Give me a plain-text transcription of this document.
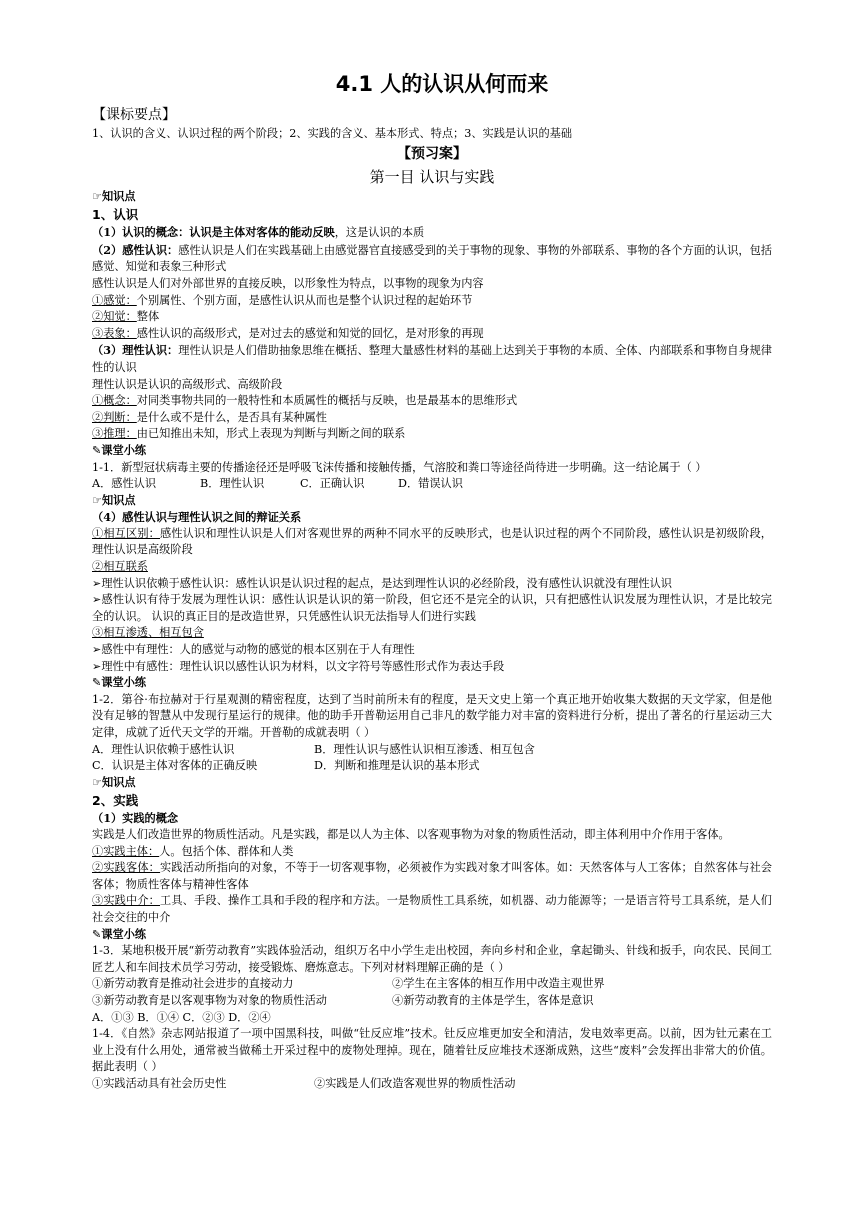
4.1 人的认识从何而来
【课标要点】
1、认识的含义、认识过程的两个阶段；2、实践的含义、基本形式、特点；3、实践是认识的基础
【预习案】
第一目 认识与实践
☞知识点
1、认识
（1）认识的概念：认识是主体对客体的能动反映，这是认识的本质
（2）感性认识：感性认识是人们在实践基础上由感觉器官直接感受到的关于事物的现象、事物的外部联系、事物的各个方面的认识，包括感觉、知觉和表象三种形式
感性认识是人们对外部世界的直接反映，以形象性为特点，以事物的现象为内容
①感觉：个别属性、个别方面，是感性认识从而也是整个认识过程的起始环节
②知觉：整体
③表象：感性认识的高级形式，是对过去的感觉和知觉的回忆，是对形象的再现
（3）理性认识：理性认识是人们借助抽象思维在概括、整理大量感性材料的基础上达到关于事物的本质、全体、内部联系和事物自身规律性的认识
理性认识是认识的高级形式、高级阶段
①概念：对同类事物共同的一般特性和本质属性的概括与反映，也是最基本的思维形式
②判断：是什么或不是什么，是否具有某种属性
③推理：由已知推出未知，形式上表现为判断与判断之间的联系
✎课堂小练
1-1．新型冠状病毒主要的传播途径还是呼吸飞沫传播和接触传播，气溶胶和粪口等途径尚待进一步明确。这一结论属于（ ）
A．感性认识	B．理性认识	C．正确认识	D．错误认识
☞知识点
（4）感性认识与理性认识之间的辩证关系
①相互区别：感性认识和理性认识是人们对客观世界的两种不同水平的反映形式，也是认识过程的两个不同阶段，感性认识是初级阶段，理性认识是高级阶段
②相互联系
➢理性认识依赖于感性认识：感性认识是认识过程的起点，是达到理性认识的必经阶段，没有感性认识就没有理性认识
➢感性认识有待于发展为理性认识：感性认识是认识的第一阶段，但它还不是完全的认识，只有把感性认识发展为理性认识，才是比较完全的认识。 认识的真正目的是改造世界，只凭感性认识无法指导人们进行实践
③相互渗透、相互包含
➢感性中有理性：人的感觉与动物的感觉的根本区别在于人有理性
➢理性中有感性：理性认识以感性认识为材料，以文字符号等感性形式作为表达手段
✎课堂小练
1-2．第谷·布拉赫对于行星观测的精密程度，达到了当时前所未有的程度，是天文史上第一个真正地开始收集大数据的天文学家，但是他没有足够的智慧从中发现行星运行的规律。他的助手开普勒运用自己非凡的数学能力对丰富的资料进行分析，提出了著名的行星运动三大定律，成就了近代天文学的开端。开普勒的成就表明（ ）
A．理性认识依赖于感性认识	B．理性认识与感性认识相互渗透、相互包含
C．认识是主体对客体的正确反映	D．判断和推理是认识的基本形式
☞知识点
2、实践
（1）实践的概念
实践是人们改造世界的物质性活动。凡是实践，都是以人为主体、以客观事物为对象的物质性活动，即主体利用中介作用于客体。
①实践主体：人。包括个体、群体和人类
②实践客体：实践活动所指向的对象，不等于一切客观事物，必须被作为实践对象才叫客体。如：天然客体与人工客体；自然客体与社会客体；物质性客体与精神性客体
③实践中介：工具、手段、操作工具和手段的程序和方法。一是物质性工具系统，如机器、动力能源等；一是语言符号工具系统，是人们社会交往的中介
✎课堂小练
1-3．某地积极开展“新劳动教育”实践体验活动，组织万名中小学生走出校园，奔向乡村和企业，拿起锄头、针线和扳手，向农民、民间工匠艺人和车间技术员学习劳动，接受锻炼、磨炼意志。下列对材料理解正确的是（ ）
①新劳动教育是推动社会进步的直接动力	②学生在主客体的相互作用中改造主观世界
③新劳动教育是以客观事物为对象的物质性活动	④新劳动教育的主体是学生，客体是意识
A．①③ B．①④ C．②③ D．②④
1-4．《自然》杂志网站报道了一项中国黑科技，叫做“钍反应堆”技术。钍反应堆更加安全和清洁，发电效率更高。以前，因为钍元素在工业上没有什么用处，通常被当做稀土开采过程中的废物处理掉。现在，随着钍反应堆技术逐渐成熟，这些“废料”会发挥出非常大的价值。据此表明（ ）
①实践活动具有社会历史性	②实践是人们改造客观世界的物质性活动
